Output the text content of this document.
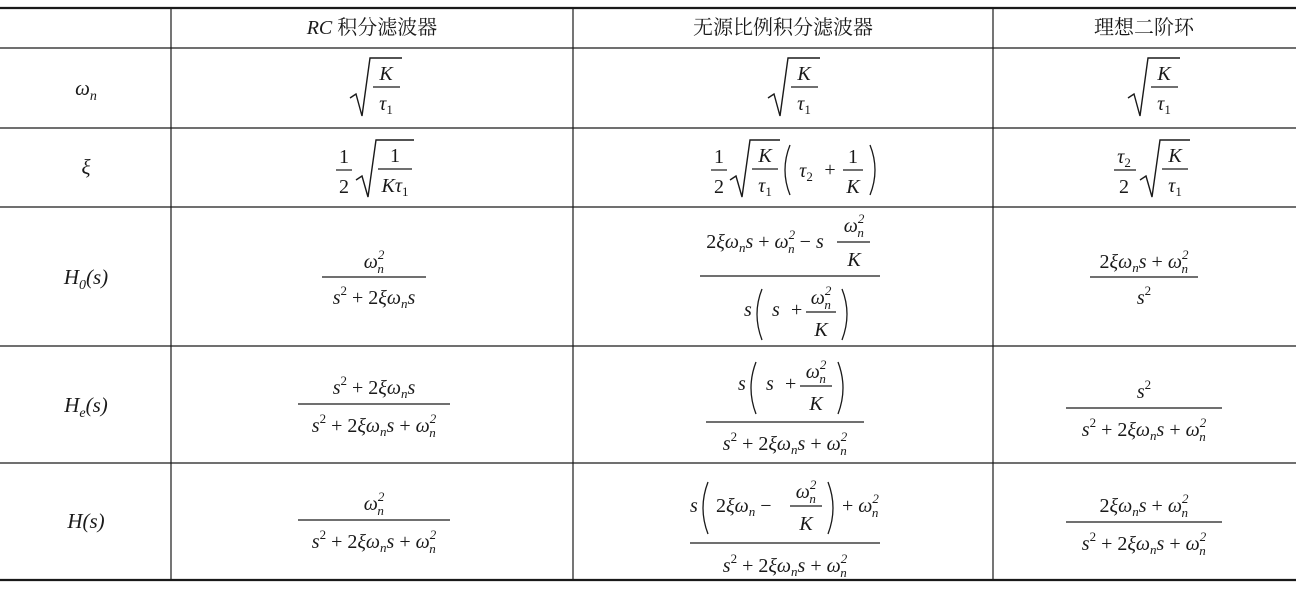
RC 积分滤波器	无源比例积分滤波器	理想二阶环
$\omega_n$
ξ
$H_0(s)$
$H_e(s)$
H(s)
K
$\tau_1$
K
$\tau_1$
K
$\tau_1$
1
2
1
$K\tau_1$
1
2
K
$\tau_1$
$\tau_2$ +
1
K
$\tau_2$
2
K
$\tau_1$
$\omega^2$ n
$s^2 + 2\xi\omega_ns$
$2\xi\omega_ns + \omega^2$ n − s
$\omega^2$ n
K
s s +
$\omega^2$ n
K
$2\xi\omega_ns + \omega^2$ n
$s^2$
$s^2 + 2\xi\omega_ns$
$s^2 + 2\xi\omega_ns + \omega^2$ n
s s +
$\omega^2$ n
K
$s^2 + 2\xi\omega_ns + \omega^2$ n
$s^2$
$s^2 + 2\xi\omega_ns + \omega^2$ n
$\omega^2$ n
$s^2 + 2\xi\omega_ns + \omega^2$ n
s $2\xi\omega_n$ −
$\omega^2$ n
K
+ $\omega^2$ n
$s^2 + 2\xi\omega_ns + \omega^2$ n
$2\xi\omega_ns + \omega^2$ n
$s^2 + 2\xi\omega_ns + \omega^2$ n
